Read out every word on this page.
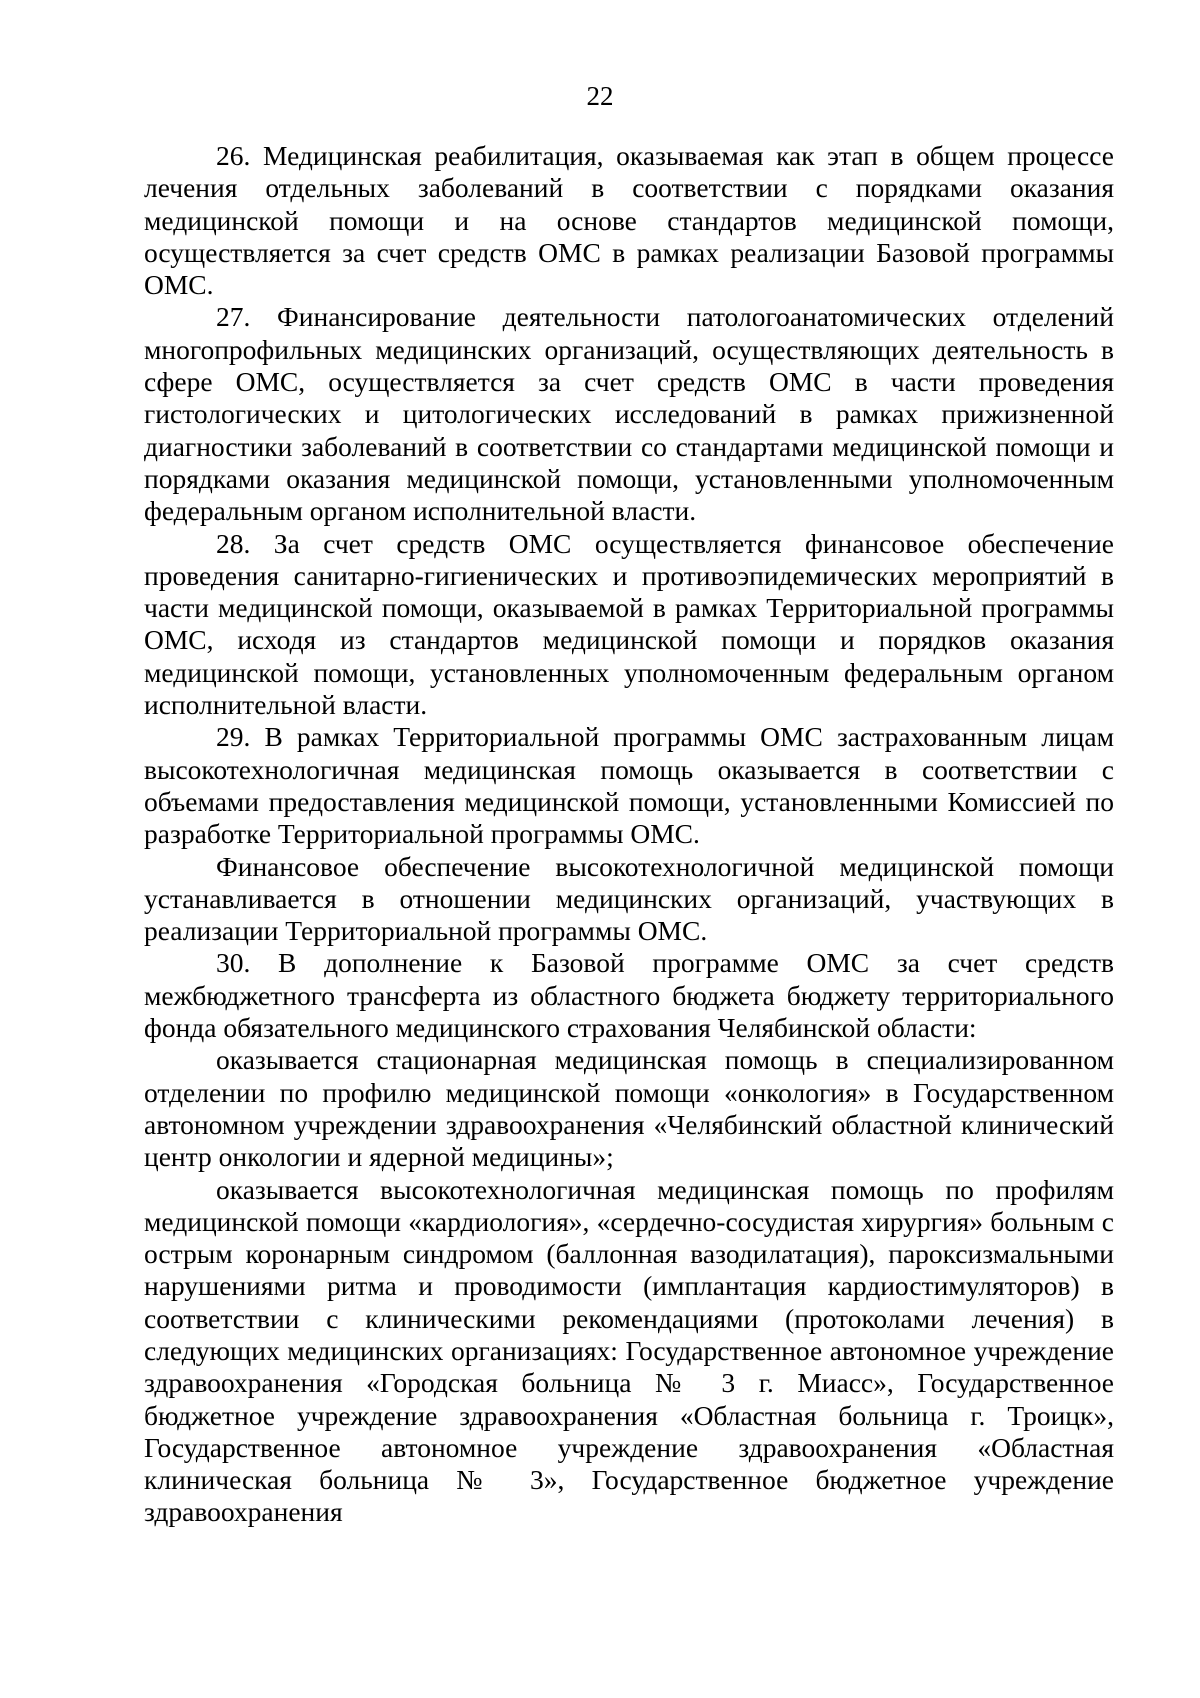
22

26. Медицинская реабилитация, оказываемая как этап в общем процессе лечения отдельных заболеваний в соответствии с порядками оказания медицинской помощи и на основе стандартов медицинской помощи, осуществляется за счет средств ОМС в рамках реализации Базовой программы ОМС.

27. Финансирование деятельности патологоанатомических отделений многопрофильных медицинских организаций, осуществляющих деятельность в сфере ОМС, осуществляется за счет средств ОМС в части проведения гистологических и цитологических исследований в рамках прижизненной диагностики заболеваний в соответствии со стандартами медицинской помощи и порядками оказания медицинской помощи, установленными уполномоченным федеральным органом исполнительной власти.

28. За счет средств ОМС осуществляется финансовое обеспечение проведения санитарно-гигиенических и противоэпидемических мероприятий в части медицинской помощи, оказываемой в рамках Территориальной программы ОМС, исходя из стандартов медицинской помощи и порядков оказания медицинской помощи, установленных уполномоченным федеральным органом исполнительной власти.

29. В рамках Территориальной программы ОМС застрахованным лицам высокотехнологичная медицинская помощь оказывается в соответствии с объемами предоставления медицинской помощи, установленными Комиссией по разработке Территориальной программы ОМС.

Финансовое обеспечение высокотехнологичной медицинской помощи устанавливается в отношении медицинских организаций, участвующих в реализации Территориальной программы ОМС.

30. В дополнение к Базовой программе ОМС за счет средств межбюджетного трансферта из областного бюджета бюджету территориального фонда обязательного медицинского страхования Челябинской области:

оказывается стационарная медицинская помощь в специализированном отделении по профилю медицинской помощи «онкология» в Государственном автономном учреждении здравоохранения «Челябинский областной клинический центр онкологии и ядерной медицины»;

оказывается высокотехнологичная медицинская помощь по профилям медицинской помощи «кардиология», «сердечно-сосудистая хирургия» больным с острым коронарным синдромом (баллонная вазодилатация), пароксизмальными нарушениями ритма и проводимости (имплантация кардиостимуляторов) в соответствии с клиническими рекомендациями (протоколами лечения) в следующих медицинских организациях: Государственное автономное учреждение здравоохранения «Городская больница № 3 г. Миасс», Государственное бюджетное учреждение здравоохранения «Областная больница г. Троицк», Государственное автономное учреждение здравоохранения «Областная клиническая больница № 3», Государственное бюджетное учреждение здравоохранения
